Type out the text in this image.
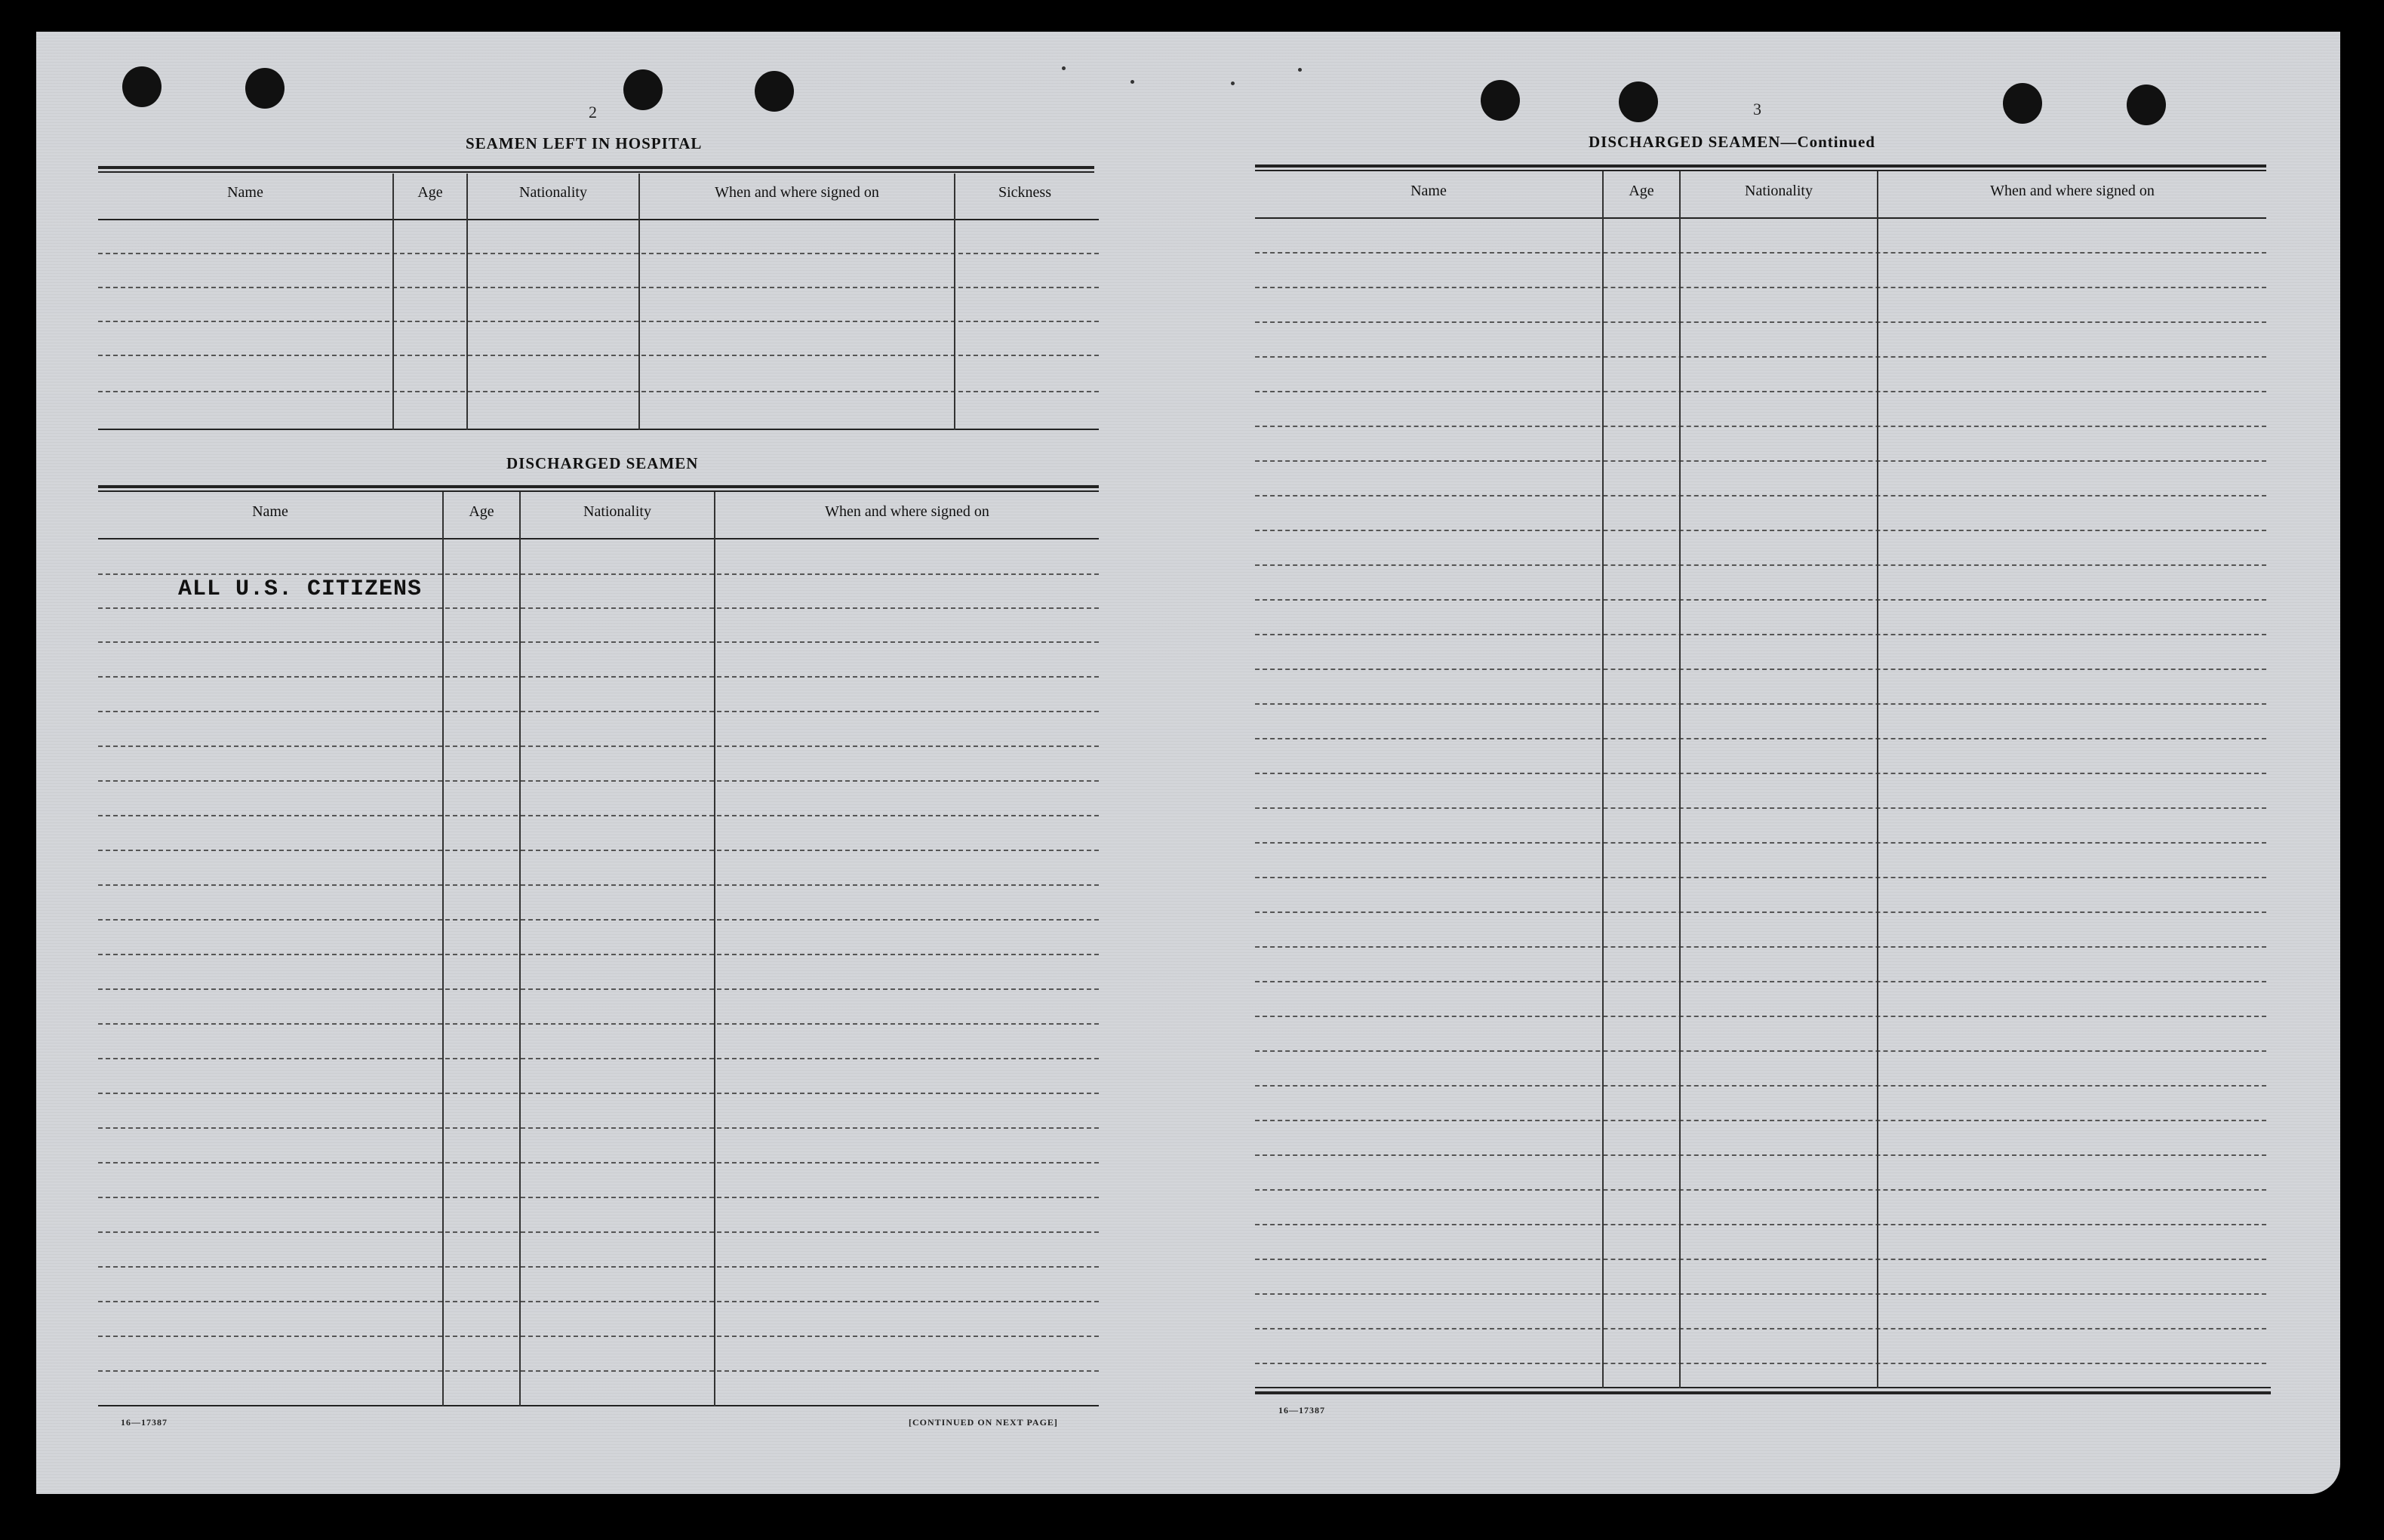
2
SEAMEN LEFT IN HOSPITAL
Name	Age	Nationality	When and where signed on	Sickness
DISCHARGED SEAMEN
Name	Age	Nationality	When and where signed on
ALL U.S. CITIZENS
16—17387	[CONTINUED ON NEXT PAGE]
3
DISCHARGED SEAMEN—Continued
Name	Age	Nationality	When and where signed on
16—17387
